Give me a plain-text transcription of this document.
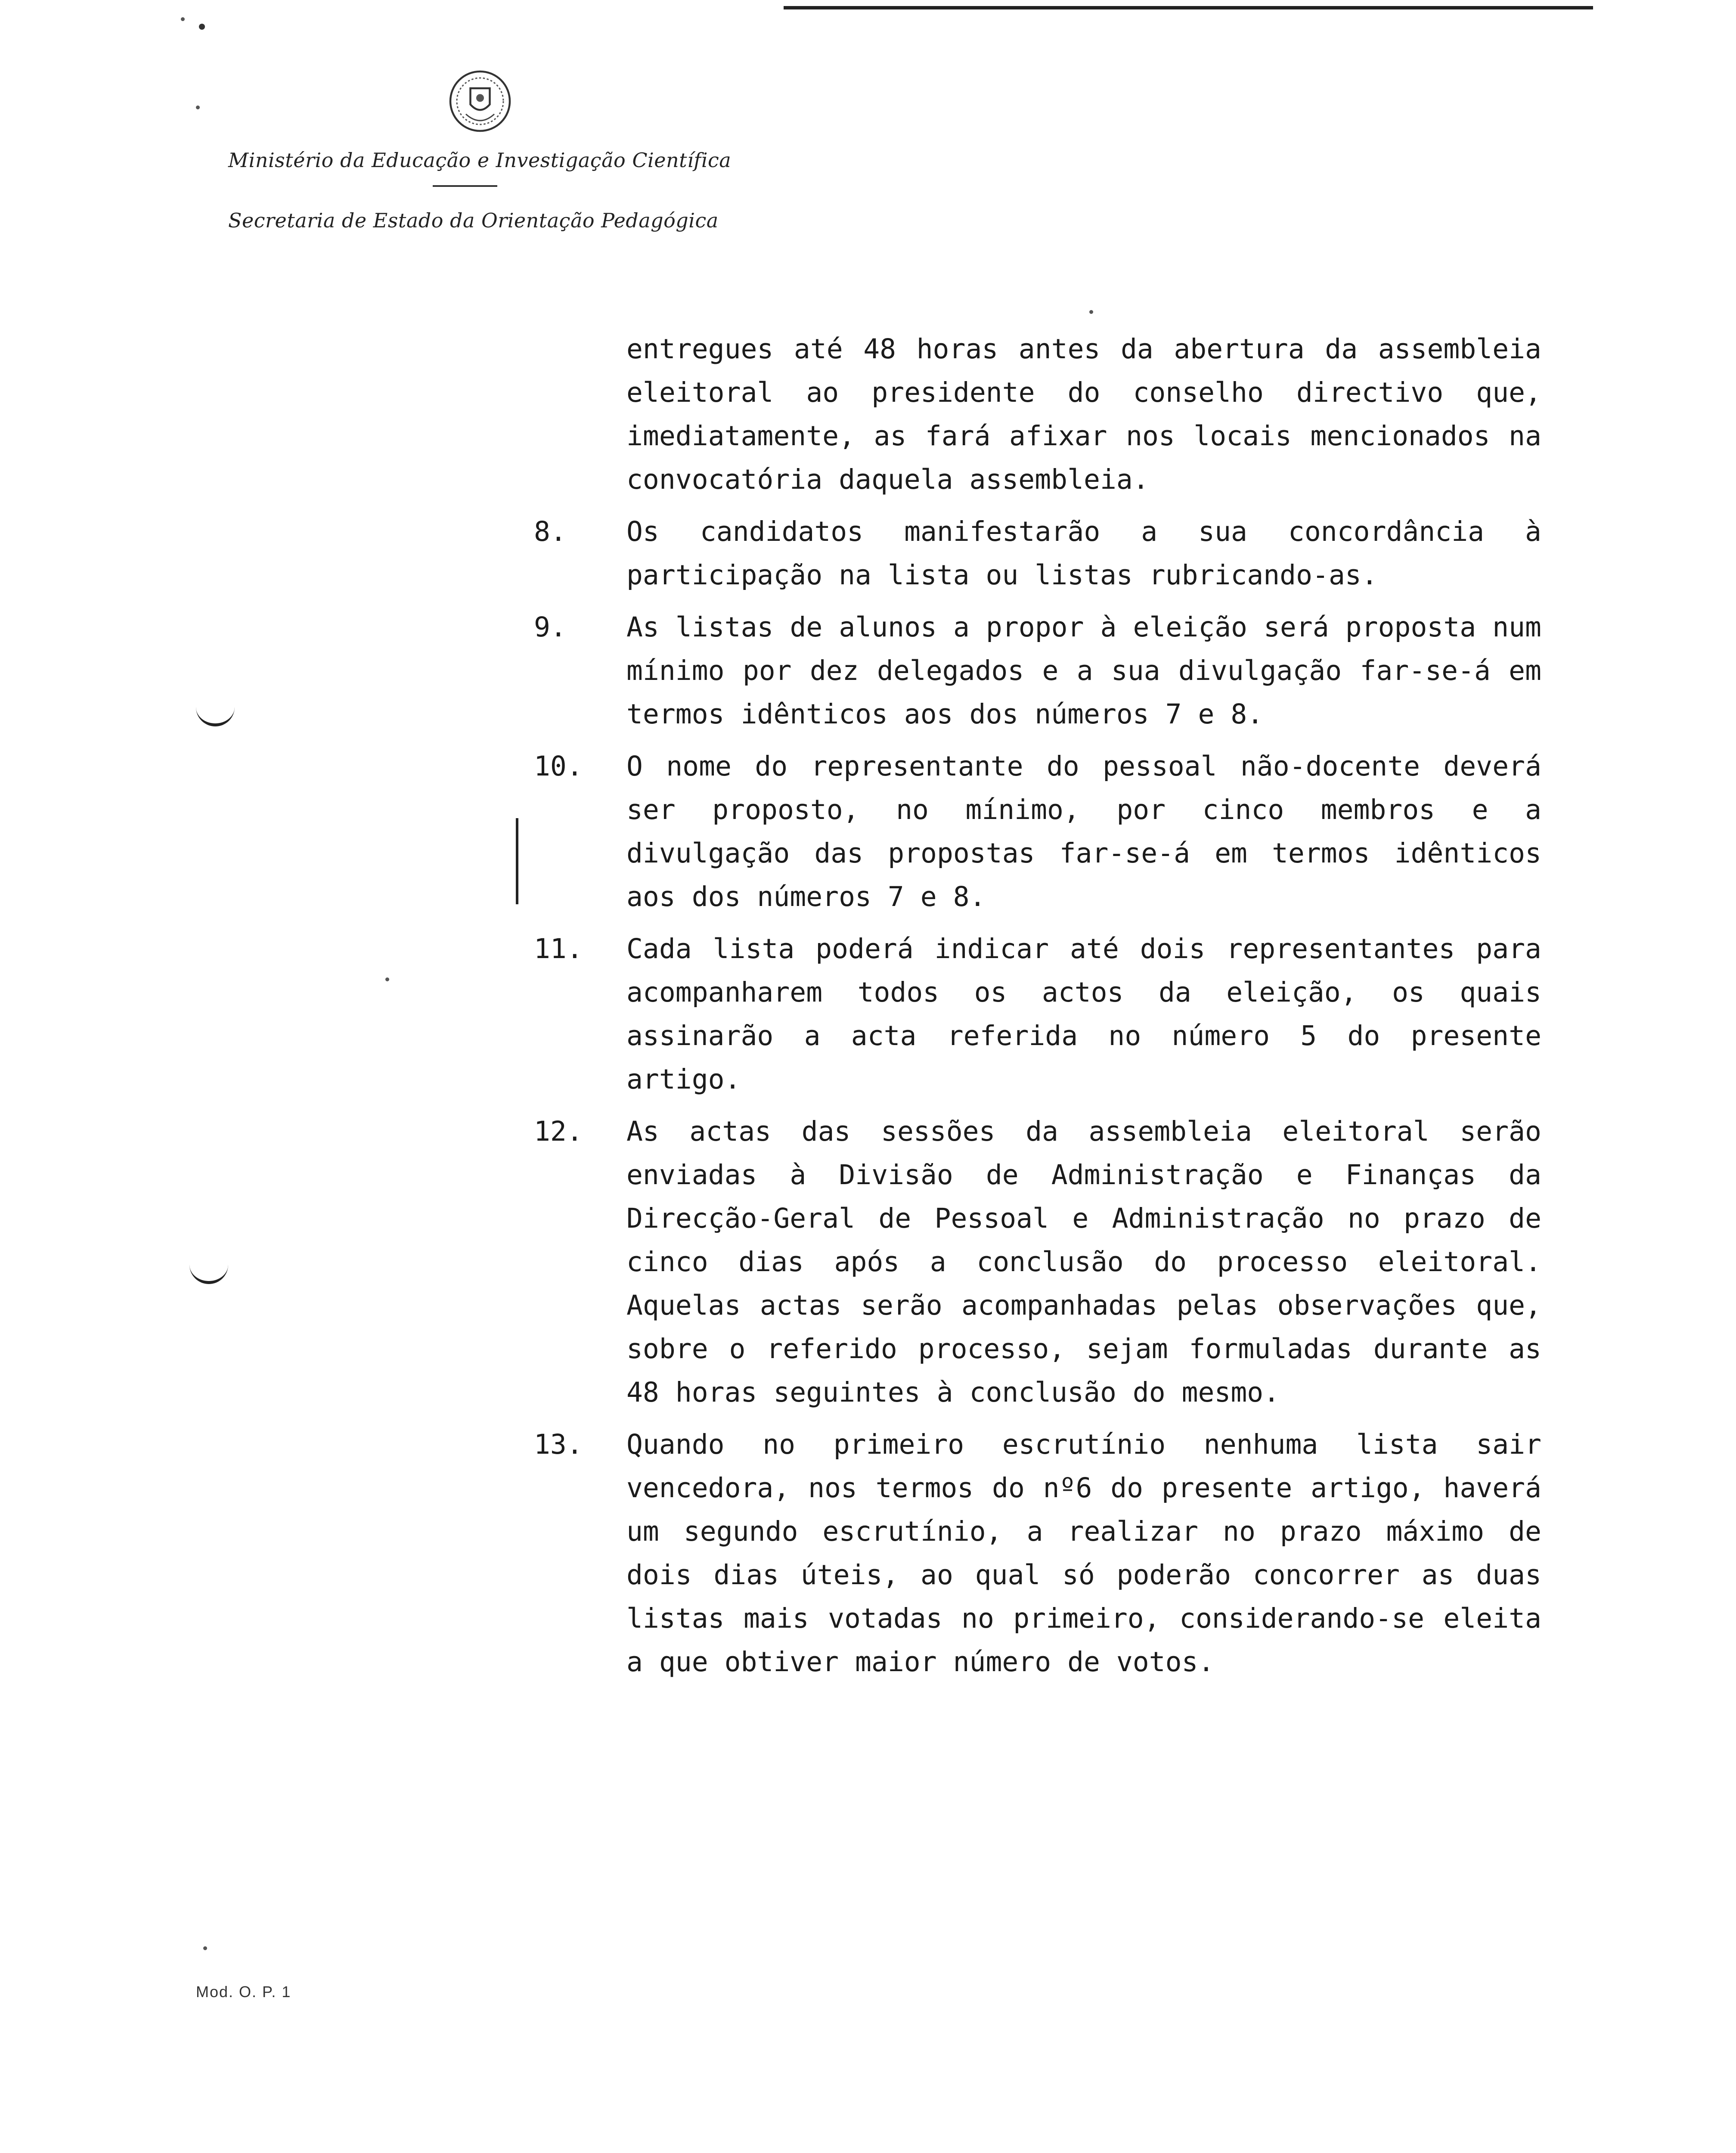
Ministério da Educação e Investigação Científica
Secretaria de Estado da Orientação Pedagógica
entregues até 48 horas antes da abertura da assembleia eleitoral ao presidente do conselho directivo que, imediatamente, as fará afixar nos locais mencionados na convocatória daquela assembleia.
8.	Os candidatos manifestarão a sua concordância à participação na lista ou listas rubricando-as.
9.	As listas de alunos a propor à eleição será proposta num mínimo por dez delegados e a sua divulgação far-se-á em termos idênticos aos dos números 7 e 8.
10.	O nome do representante do pessoal não-docente deverá ser proposto, no mínimo, por cinco membros e a divulgação das propostas far-se-á em termos idênticos aos dos números 7 e 8.
11.	Cada lista poderá indicar até dois representantes para acompanharem todos os actos da eleição, os quais assinarão a acta referida no número 5 do presente artigo.
12.	As actas das sessões da assembleia eleitoral serão enviadas à Divisão de Administração e Finanças da Direcção-Geral de Pessoal e Administração no prazo de cinco dias após a conclusão do processo eleitoral. Aquelas actas serão acompanhadas pelas observações que, sobre o referido processo, sejam formuladas durante as 48 horas seguintes à conclusão do mesmo.
13.	Quando no primeiro escrutínio nenhuma lista sair vencedora, nos termos do nº6 do presente artigo, haverá um segundo escrutínio, a realizar no prazo máximo de dois dias úteis, ao qual só poderão concorrer as duas listas mais votadas no primeiro, considerando-se eleita a que obtiver maior número de votos.
Mod. O. P. 1
